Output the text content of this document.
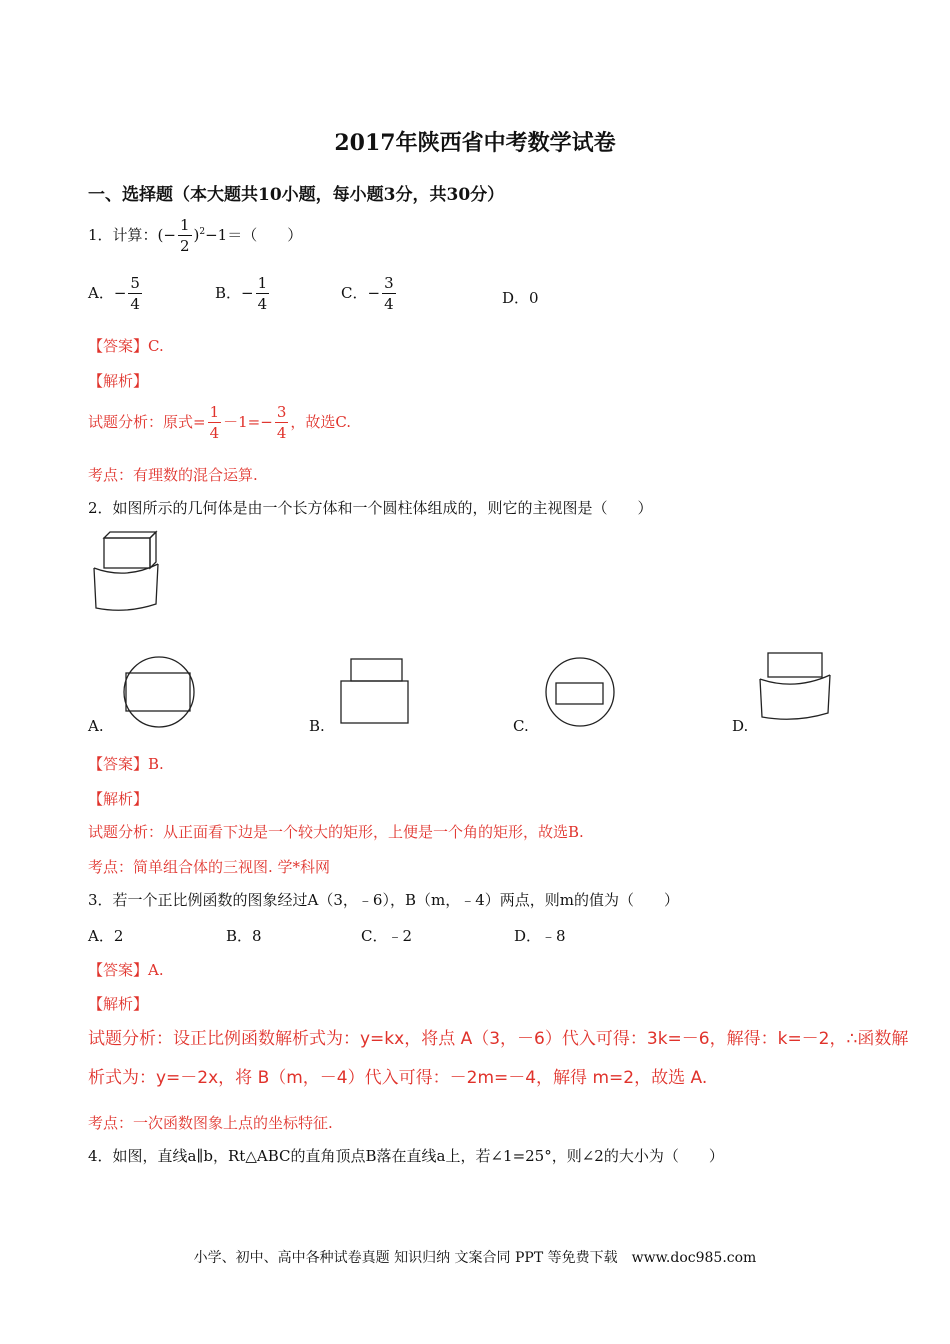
2017年陕西省中考数学试卷
一、选择题（本大题共10小题，每小题3分，共30分）
1．计算：(− $\frac{1}{2} )^2-1=$（　　）
A．− $\frac{5}{4}$	B．− $\frac{1}{4}$	C．− $\frac{3}{4}$	D．0
【答案】C.
【解析】
试题分析：原式= $\frac{1}{4} -1=- \frac{3}{4}$ ，故选C.
考点：有理数的混合运算.
2．如图所示的几何体是由一个长方体和一个圆柱体组成的，则它的主视图是（　　）
A.	B.	C.	D.
【答案】B.
【解析】
试题分析：从正面看下边是一个较大的矩形，上便是一个角的矩形，故选B.
考点：简单组合体的三视图. 学*科网
3．若一个正比例函数的图象经过A（3，﹣6），B（m，﹣4）两点，则m的值为（　　）
A．2	B．8	C．﹣2	D．﹣8
【答案】A.
【解析】
试题分析：设正比例函数解析式为：y=kx，将点 A（3，－6）代入可得：3k=－6，解得：k=－2，∴函数解
析式为：y=－2x，将 B（m，－4）代入可得：－2m=－4，解得 m=2，故选 A.
考点：一次函数图象上点的坐标特征.
4．如图，直线a∥b，Rt△ABC的直角顶点B落在直线a上，若∠1=25°，则∠2的大小为（　　）
小学、初中、高中各种试卷真题 知识归纳 文案合同 PPT 等免费下载　www.doc985.com
